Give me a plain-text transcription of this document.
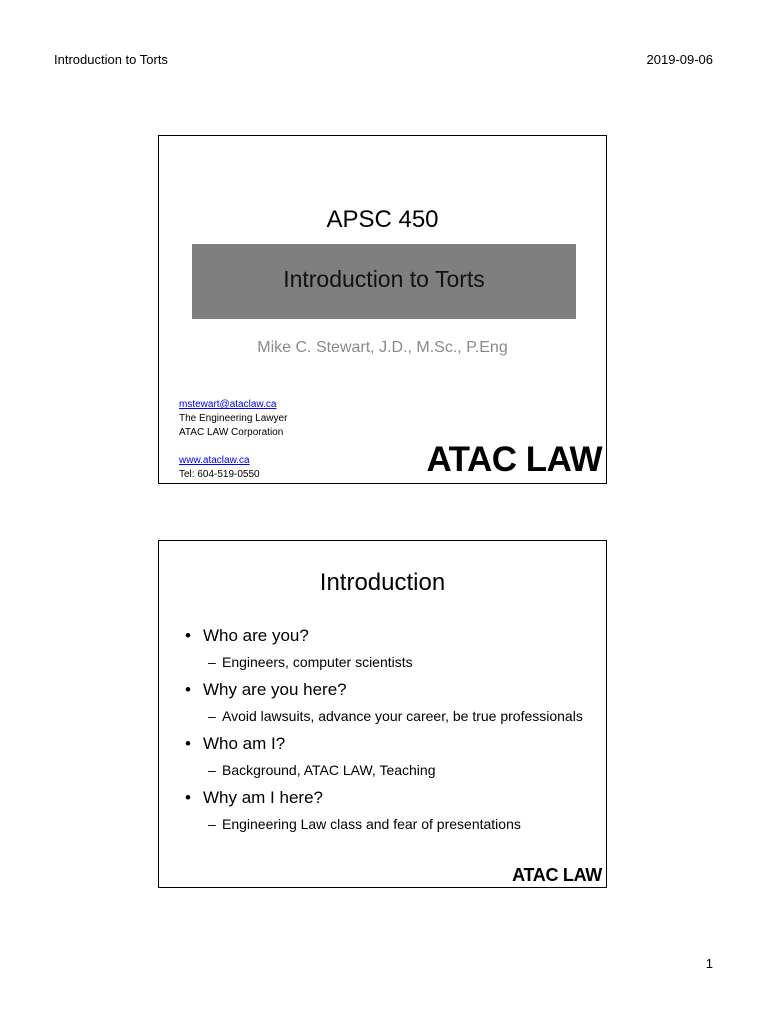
Introduction to Torts	2019-09-06
APSC 450
Introduction to Torts
Mike C. Stewart, J.D., M.Sc., P.Eng
mstewart@ataclaw.ca
The Engineering Lawyer
ATAC LAW Corporation
www.ataclaw.ca
Tel: 604-519-0550	ATAC LAW
Introduction
• Who are you?
– Engineers, computer scientists
• Why are you here?
– Avoid lawsuits, advance your career, be true professionals
• Who am I?
– Background, ATAC LAW, Teaching
• Why am I here?
– Engineering Law class and fear of presentations
ATAC LAW
1
